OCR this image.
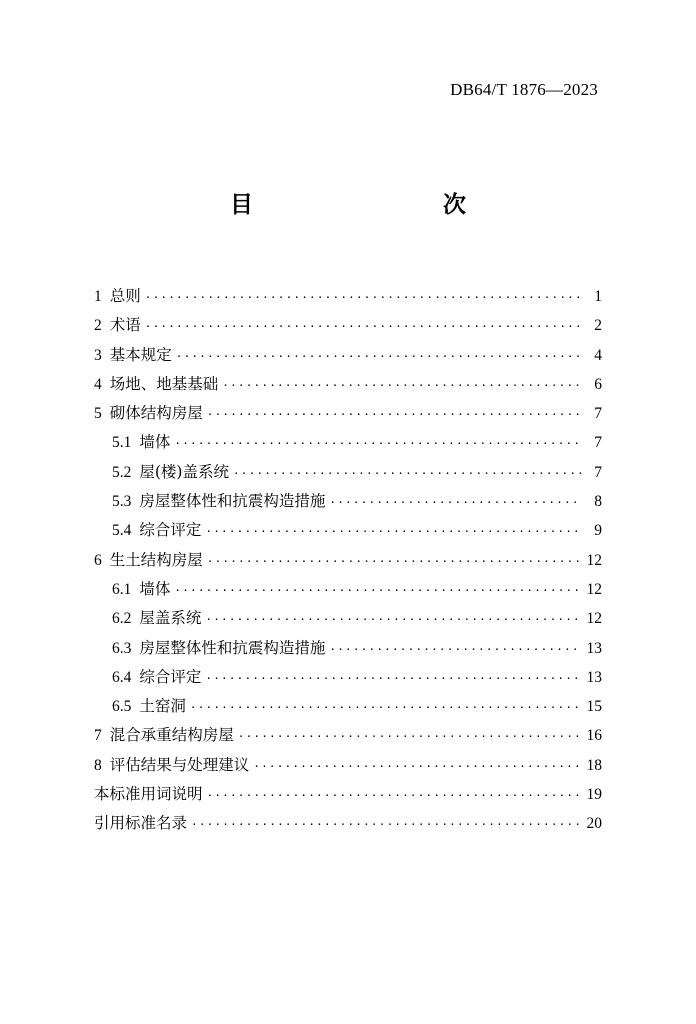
DB64/T 1876—2023
目　　次
1 总则 ·····	1
2 术语 ·····	2
3 基本规定 ·····	4
4 场地、地基基础 ·····	6
5 砌体结构房屋 ·····	7
5.1 墙体 ·····	7
5.2 屋(楼)盖系统 ·····	7
5.3 房屋整体性和抗震构造措施 ·····	8
5.4 综合评定 ·····	9
6 生土结构房屋 ·····	12
6.1 墙体 ·····	12
6.2 屋盖系统 ·····	12
6.3 房屋整体性和抗震构造措施 ·····	13
6.4 综合评定 ·····	13
6.5 土窑洞 ·····	15
7 混合承重结构房屋 ·····	16
8 评估结果与处理建议 ·····	18
本标准用词说明 ·····	19
引用标准名录 ·····	20
